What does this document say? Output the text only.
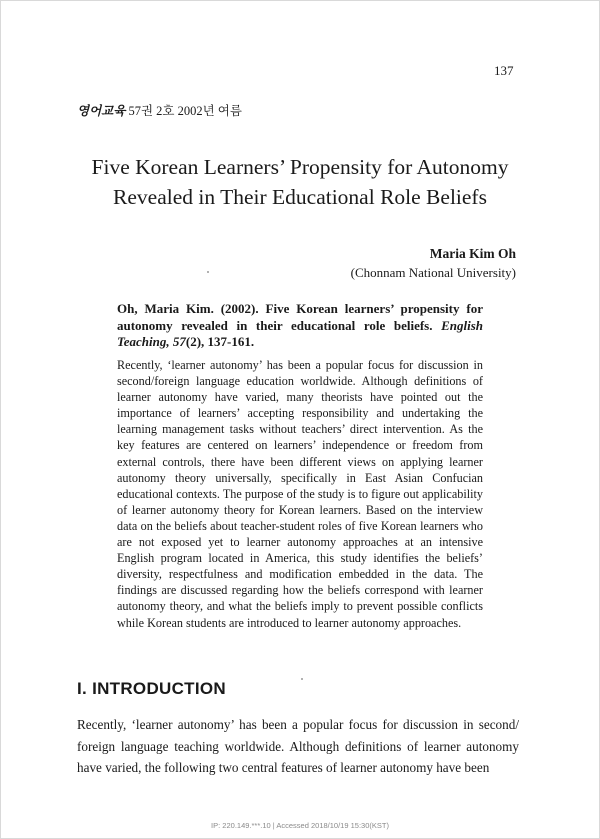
137
영어교육 57권 2호 2002년 여름
Five Korean Learners’ Propensity for Autonomy
Revealed in Their Educational Role Beliefs
Maria Kim Oh
(Chonnam National University)

Oh, Maria Kim. (2002). Five Korean learners’ propensity for autonomy revealed in their educational role beliefs. English Teaching, 57(2), 137-161.

Recently, ‘learner autonomy’ has been a popular focus for discussion in second/foreign language education worldwide. Although definitions of learner autonomy have varied, many theorists have pointed out the importance of learners’ accepting responsibility and undertaking the learning management tasks without teachers’ direct intervention. As the key features are centered on learners’ independence or freedom from external controls, there have been different views on applying learner autonomy theory universally, specifically in East Asian Confucian educational contexts. The purpose of the study is to figure out applicability of learner autonomy theory for Korean learners. Based on the interview data on the beliefs about teacher-student roles of five Korean learners who are not exposed yet to learner autonomy approaches at an intensive English program located in America, this study identifies the beliefs’ diversity, respectfulness and modification embedded in the data. The findings are discussed regarding how the beliefs correspond with learner autonomy theory, and what the beliefs imply to prevent possible conflicts while Korean students are introduced to learner autonomy approaches.

I. INTRODUCTION

Recently, ‘learner autonomy’ has been a popular focus for discussion in second/ foreign language teaching worldwide. Although definitions of learner autonomy have varied, the following two central features of learner autonomy have been

IP: 220.149.***.10 | Accessed 2018/10/19 15:30(KST)
